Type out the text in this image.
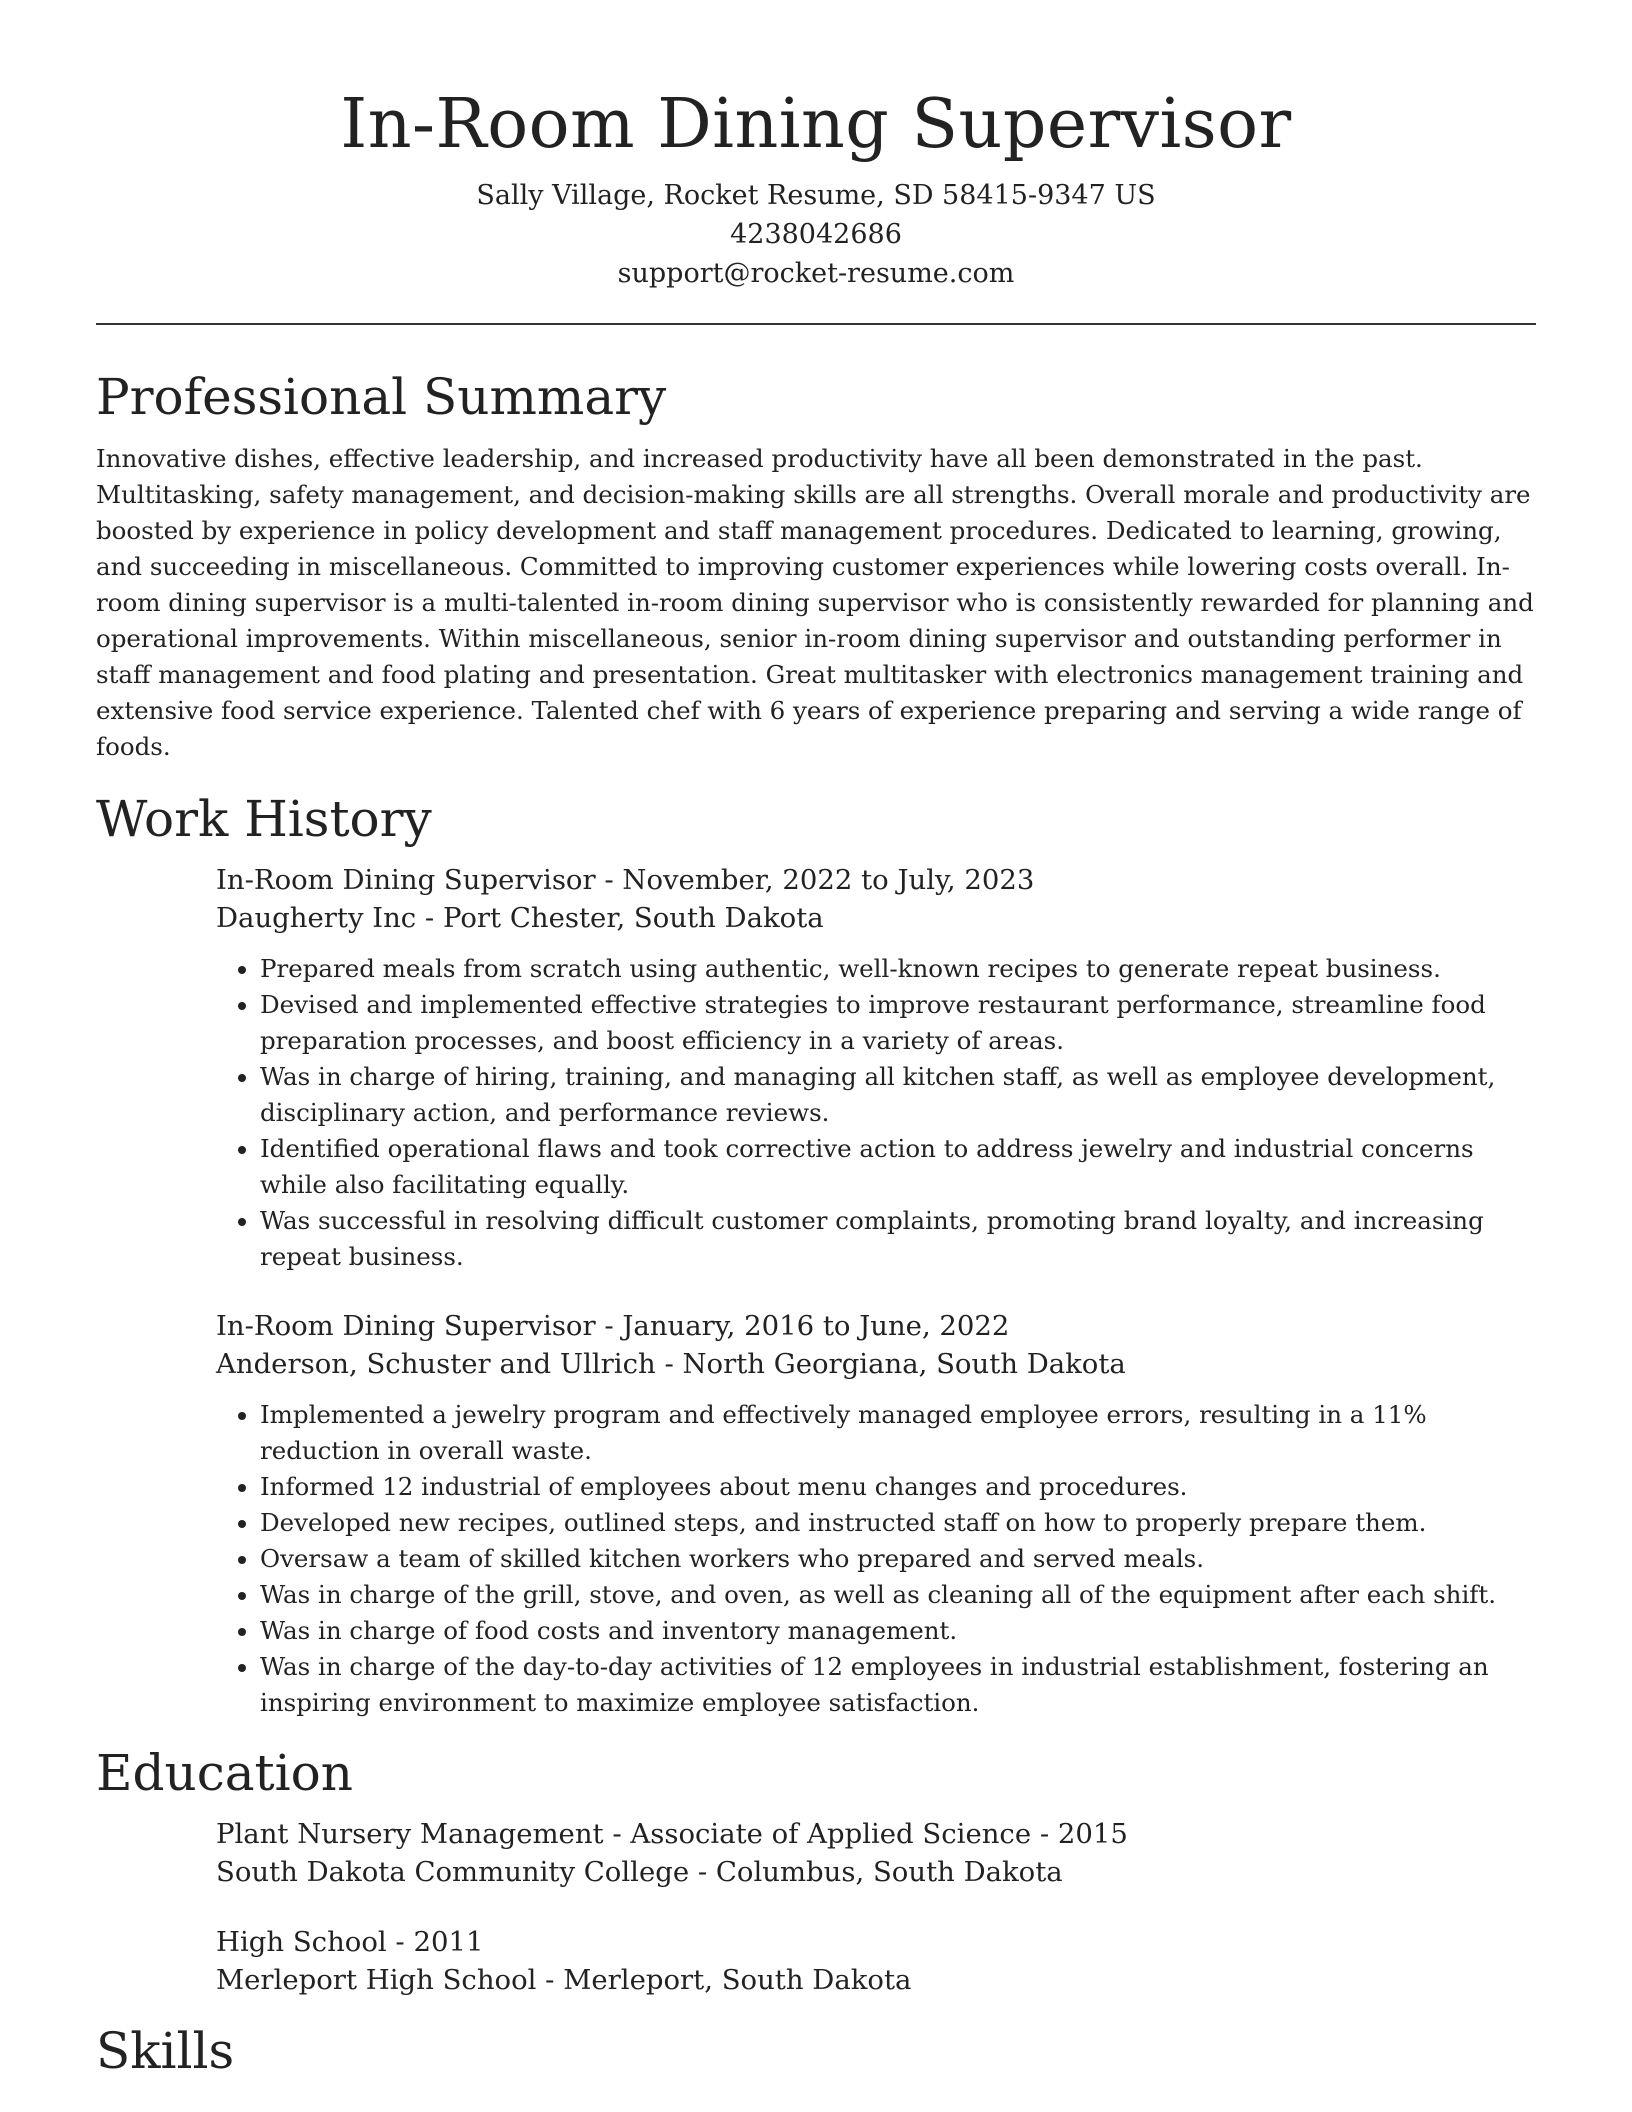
In-Room Dining Supervisor
Sally Village, Rocket Resume, SD 58415-9347 US
4238042686
support@rocket-resume.com
Professional Summary

Innovative dishes, effective leadership, and increased productivity have all been demonstrated in the past. Multitasking, safety management, and decision-making skills are all strengths. Overall morale and productivity are boosted by experience in policy development and staff management procedures. Dedicated to learning, growing, and succeeding in miscellaneous. Committed to improving customer experiences while lowering costs overall. In-room dining supervisor is a multi-talented in-room dining supervisor who is consistently rewarded for planning and operational improvements. Within miscellaneous, senior in-room dining supervisor and outstanding performer in staff management and food plating and presentation. Great multitasker with electronics management training and extensive food service experience. Talented chef with 6 years of experience preparing and serving a wide range of foods.

Work History
In-Room Dining Supervisor - November, 2022 to July, 2023
Daugherty Inc - Port Chester, South Dakota
• Prepared meals from scratch using authentic, well-known recipes to generate repeat business.
• Devised and implemented effective strategies to improve restaurant performance, streamline food preparation processes, and boost efficiency in a variety of areas.
• Was in charge of hiring, training, and managing all kitchen staff, as well as employee development, disciplinary action, and performance reviews.
• Identified operational flaws and took corrective action to address jewelry and industrial concerns while also facilitating equally.
• Was successful in resolving difficult customer complaints, promoting brand loyalty, and increasing repeat business.
In-Room Dining Supervisor - January, 2016 to June, 2022
Anderson, Schuster and Ullrich - North Georgiana, South Dakota
• Implemented a jewelry program and effectively managed employee errors, resulting in a 11% reduction in overall waste.
• Informed 12 industrial of employees about menu changes and procedures.
• Developed new recipes, outlined steps, and instructed staff on how to properly prepare them.
• Oversaw a team of skilled kitchen workers who prepared and served meals.
• Was in charge of the grill, stove, and oven, as well as cleaning all of the equipment after each shift.
• Was in charge of food costs and inventory management.
• Was in charge of the day-to-day activities of 12 employees in industrial establishment, fostering an inspiring environment to maximize employee satisfaction.
Education
Plant Nursery Management - Associate of Applied Science - 2015
South Dakota Community College - Columbus, South Dakota
High School - 2011
Merleport High School - Merleport, South Dakota
Skills
